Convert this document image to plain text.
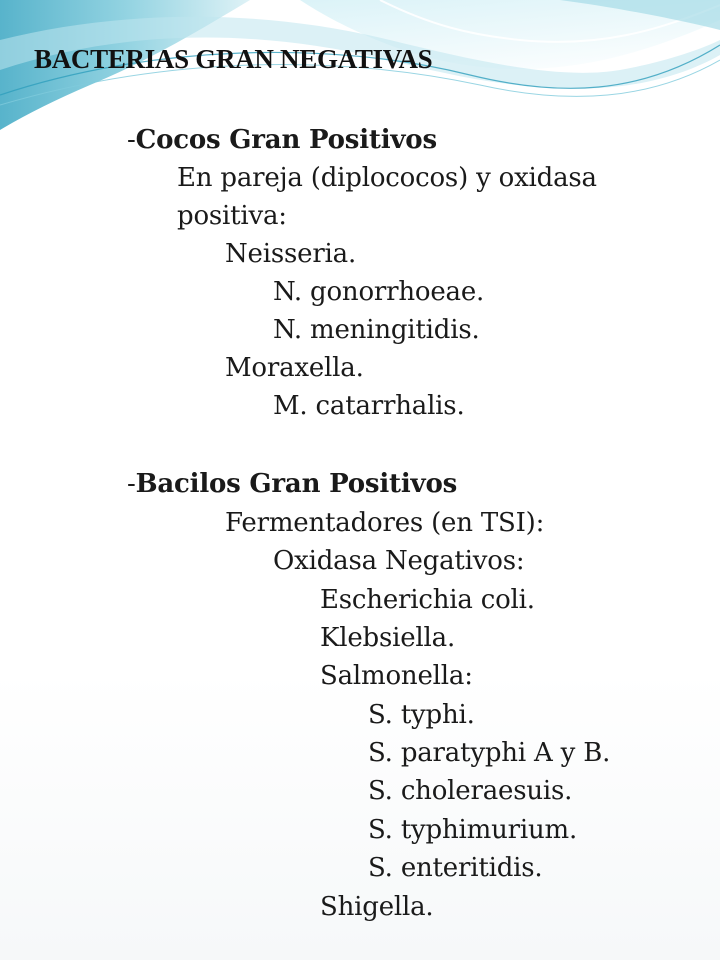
BACTERIAS GRAN NEGATIVAS
-Cocos Gran Positivos
En pareja (diplococos) y oxidasa
positiva:
Neisseria.
N. gonorrhoeae.
N. meningitidis.
Moraxella.
M. catarrhalis.
-Bacilos Gran Positivos
Fermentadores (en TSI):
Oxidasa Negativos:
Escherichia coli.
Klebsiella.
Salmonella:
S. typhi.
S. paratyphi A y B.
S. choleraesuis.
S. typhimurium.
S. enteritidis.
Shigella.
